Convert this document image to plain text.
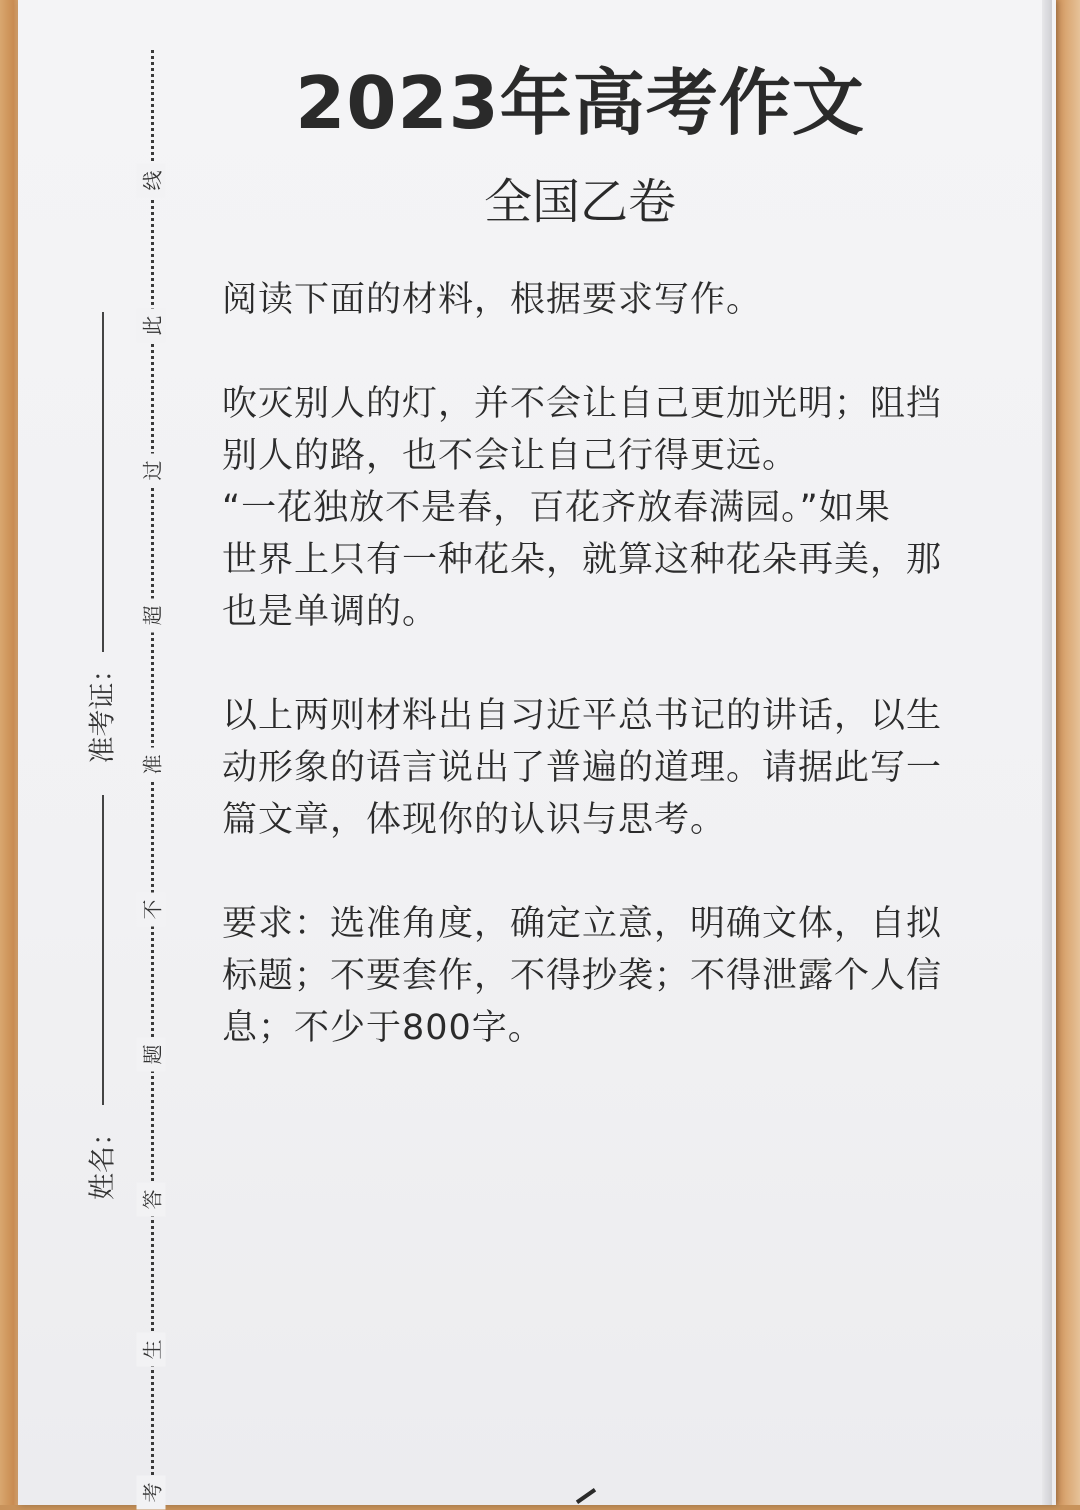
线
此
过
超
准
不
题
答
生
考
准考证：
姓名：
2023年高考作文
全国乙卷
阅读下面的材料，根据要求写作。
吹灭别人的灯，并不会让自己更加光明；阻挡
别人的路，也不会让自己行得更远。
“一花独放不是春，百花齐放春满园。”如果
世界上只有一种花朵，就算这种花朵再美，那
也是单调的。
以上两则材料出自习近平总书记的讲话，以生
动形象的语言说出了普遍的道理。请据此写一
篇文章，体现你的认识与思考。
要求：选准角度，确定立意，明确文体，自拟
标题；不要套作，不得抄袭；不得泄露个人信
息；不少于800字。
